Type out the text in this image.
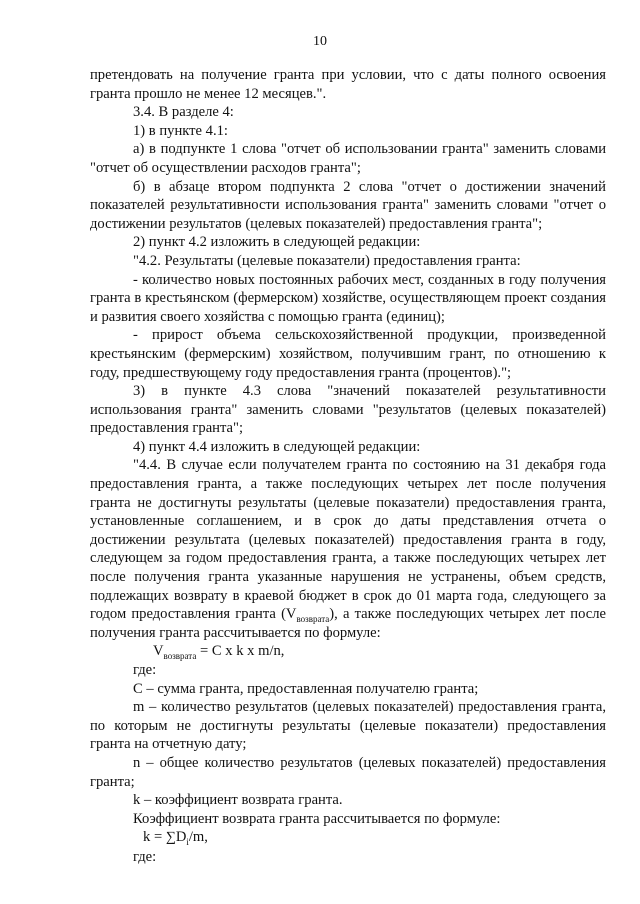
10

претендовать на получение гранта при условии, что с даты полного освоения гранта прошло не менее 12 месяцев.".

3.4. В разделе 4:

1) в пункте 4.1:

а) в подпункте 1 слова "отчет об использовании гранта" заменить словами "отчет об осуществлении расходов гранта";

б) в абзаце втором подпункта 2 слова "отчет о достижении значений показателей результативности использования гранта" заменить словами "отчет о достижении результатов (целевых показателей) предоставления гранта";

2) пункт 4.2 изложить в следующей редакции:

"4.2. Результаты (целевые показатели) предоставления гранта:

- количество новых постоянных рабочих мест, созданных в году получения гранта в крестьянском (фермерском) хозяйстве, осуществляющем проект создания и развития своего хозяйства с помощью гранта (единиц);

- прирост объема сельскохозяйственной продукции, произведенной крестьянским (фермерским) хозяйством, получившим грант, по отношению к году, предшествующему году предоставления гранта (процентов).";

3) в пункте 4.3 слова "значений показателей результативности использования гранта" заменить словами "результатов (целевых показателей) предоставления гранта";

4) пункт 4.4 изложить в следующей редакции:

"4.4. В случае если получателем гранта по состоянию на 31 декабря года предоставления гранта, а также последующих четырех лет после получения гранта не достигнуты результаты (целевые показатели) предоставления гранта, установленные соглашением, и в срок до даты представления отчета о достижении результата (целевых показателей) предоставления гранта в году, следующем за годом предоставления гранта, а также последующих четырех лет после получения гранта указанные нарушения не устранены, объем средств, подлежащих возврату в краевой бюджет в срок до 01 марта года, следующего за годом предоставления гранта $(V_{возврата})$, а также последующих четырех лет после получения гранта рассчитывается по формуле:

$V_{возврата} = C$ x k x m/n,

где:

C – сумма гранта, предоставленная получателю гранта;

m – количество результатов (целевых показателей) предоставления гранта, по которым не достигнуты результаты (целевые показатели) предоставления гранта на отчетную дату;

n – общее количество результатов (целевых показателей) предоставления гранта;

k – коэффициент возврата гранта.

Коэффициент возврата гранта рассчитывается по формуле:

$k = \sum D_i/m$,

где:
